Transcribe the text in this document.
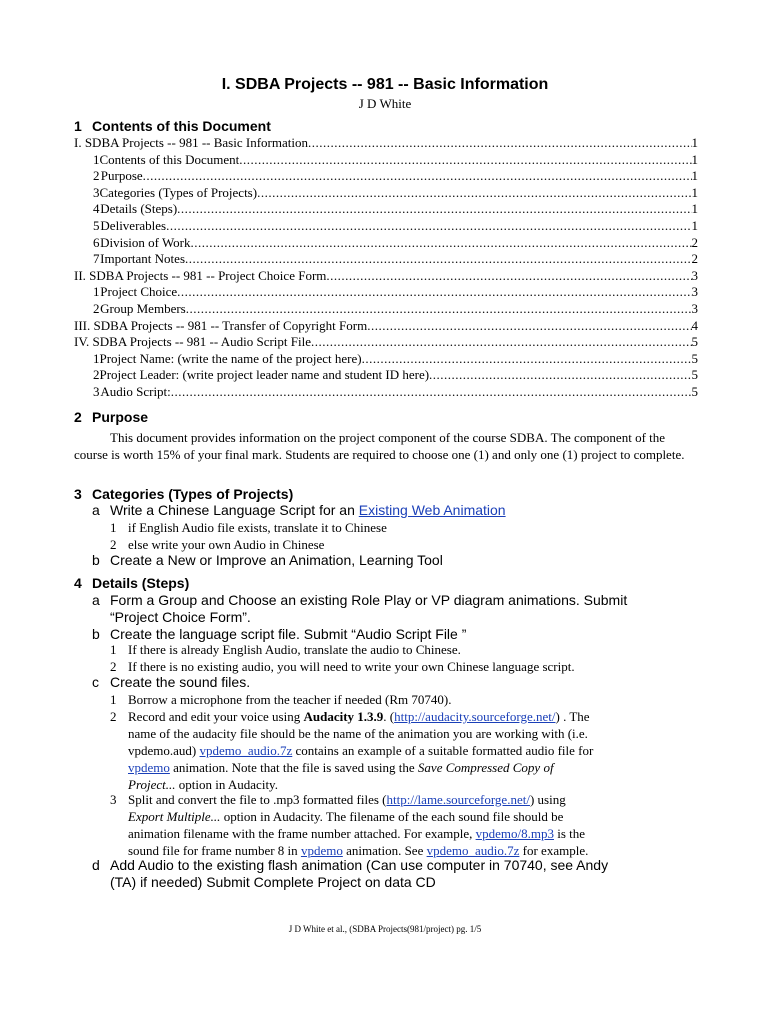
I. SDBA Projects -- 981 -- Basic Information
J D White
1 Contents of this Document
I. SDBA Projects -- 981 -- Basic Information .....	1
1 Contents of this Document .....	1
2 Purpose .....	1
3 Categories (Types of Projects) .....	1
4 Details (Steps) .....	1
5 Deliverables .....	1
6 Division of Work .....	2
7 Important Notes .....	2
II. SDBA Projects -- 981 -- Project Choice Form .....	3
1 Project Choice .....	3
2 Group Members .....	3
III. SDBA Projects -- 981 -- Transfer of Copyright Form .....	4
IV. SDBA Projects -- 981 -- Audio Script File .....	5
1 Project Name: (write the name of the project here) .....	5
2 Project Leader: (write project leader name and student ID here) .....	5
3 Audio Script: .....	5
2 Purpose
This document provides information on the project component of the course SDBA. The component of the course is worth 15% of your final mark. Students are required to choose one (1) and only one (1) project to complete.
3 Categories (Types of Projects)
a Write a Chinese Language Script for an Existing Web Animation
1 if English Audio file exists, translate it to Chinese
2 else write your own Audio in Chinese
b Create a New or Improve an Animation, Learning Tool
4 Details (Steps)
a Form a Group and Choose an existing Role Play or VP diagram animations. Submit
“Project Choice Form”.
b Create the language script file. Submit “Audio Script File ”
1 If there is already English Audio, translate the audio to Chinese.
2 If there is no existing audio, you will need to write your own Chinese language script.
c Create the sound files.
1 Borrow a microphone from the teacher if needed (Rm 70740).
2 Record and edit your voice using Audacity 1.3.9. (http://audacity.sourceforge.net/) . The
name of the audacity file should be the name of the animation you are working with (i.e.
vpdemo.aud) vpdemo_audio.7z contains an example of a suitable formatted audio file for
vpdemo animation. Note that the file is saved using the Save Compressed Copy of
Project... option in Audacity.
3 Split and convert the file to .mp3 formatted files (http://lame.sourceforge.net/) using
Export Multiple... option in Audacity. The filename of the each sound file should be
animation filename with the frame number attached. For example, vpdemo/8.mp3 is the
sound file for frame number 8 in vpdemo animation. See vpdemo_audio.7z for example.
d Add Audio to the existing flash animation (Can use computer in 70740, see Andy
(TA) if needed) Submit Complete Project on data CD
J D White et al., (SDBA Projects(981/project) pg. 1/5
